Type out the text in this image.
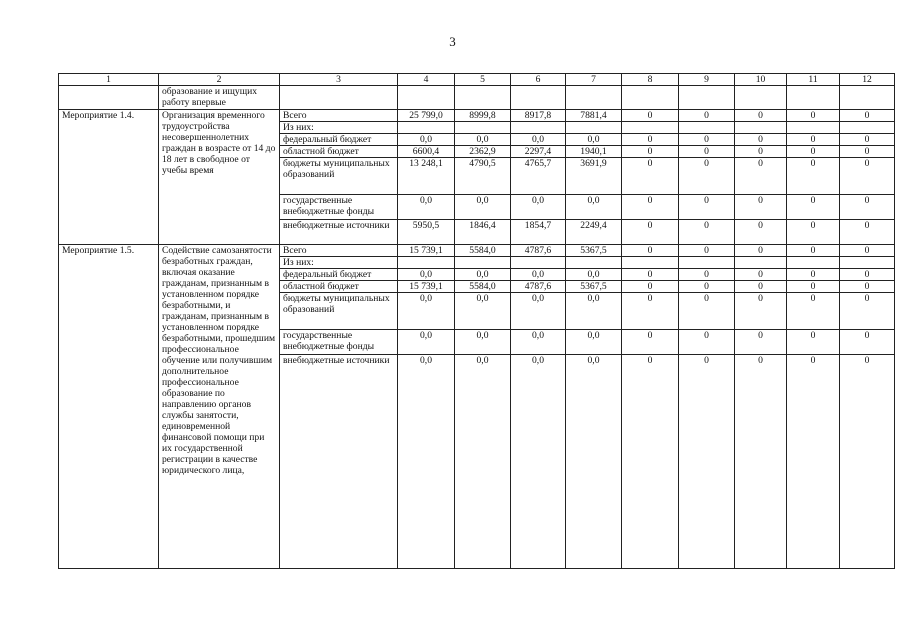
3
1	2	3	4	5	6	7	8	9	10	11	12
	образование и ищущих работу впервые										
Мероприятие 1.4.	Организация временного трудоустройства несовершеннолетних граждан в возрасте от 14 до 18 лет в свободное от учебы время	Всего	25 799,0	8999,8	8917,8	7881,4	0	0	0	0	0
		Из них:									
		федеральный бюджет	0,0	0,0	0,0	0,0	0	0	0	0	0
		областной бюджет	6600,4	2362,9	2297,4	1940,1	0	0	0	0	0
		бюджеты муниципальных образований	13 248,1	4790,5	4765,7	3691,9	0	0	0	0	0
		государственные внебюджетные фонды	0,0	0,0	0,0	0,0	0	0	0	0	0
		внебюджетные источники	5950,5	1846,4	1854,7	2249,4	0	0	0	0	0
Мероприятие 1.5.	Содействие самозанятости безработных граждан, включая оказание гражданам, признанным в установленном порядке безработными, и гражданам, признанным в установленном порядке безработными, прошедшим профессиональное обучение или получившим дополнительное профессиональное образование по направлению органов службы занятости, единовременной финансовой помощи при их государственной регистрации в качестве юридического лица,	Всего	15 739,1	5584,0	4787,6	5367,5	0	0	0	0	0
		Из них:									
		федеральный бюджет	0,0	0,0	0,0	0,0	0	0	0	0	0
		областной бюджет	15 739,1	5584,0	4787,6	5367,5	0	0	0	0	0
		бюджеты муниципальных образований	0,0	0,0	0,0	0,0	0	0	0	0	0
		государственные внебюджетные фонды	0,0	0,0	0,0	0,0	0	0	0	0	0
		внебюджетные источники	0,0	0,0	0,0	0,0	0	0	0	0	0
